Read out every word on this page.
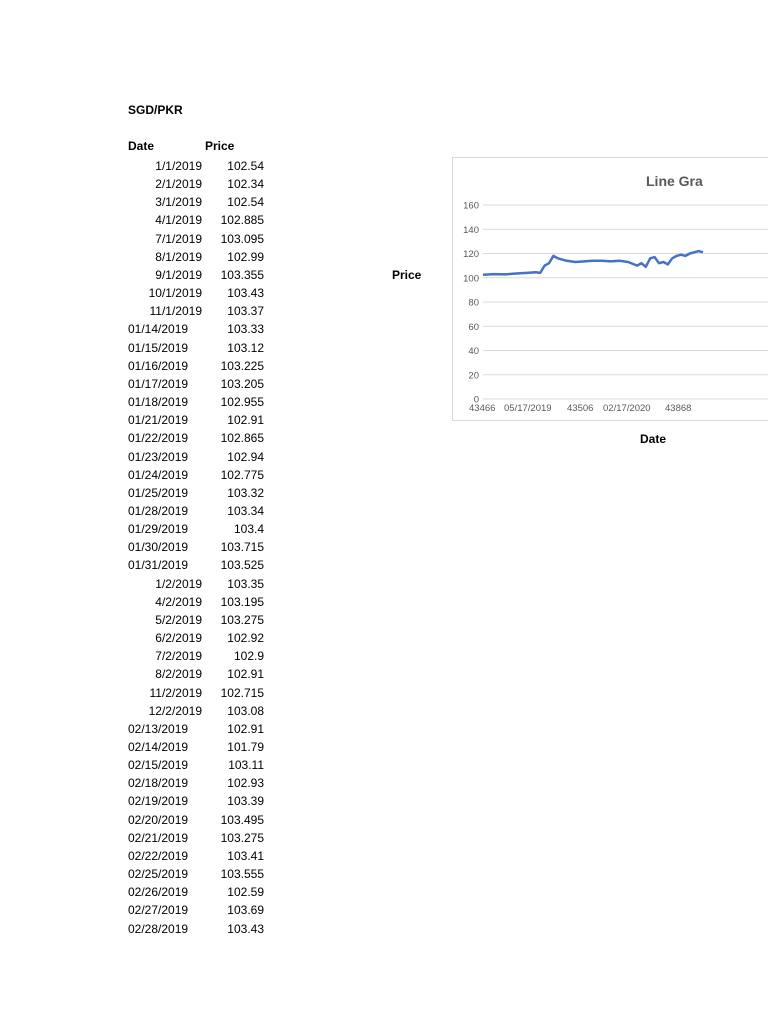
SGD/PKR
Date	Price
1/1/2019	102.54
2/1/2019	102.34
3/1/2019	102.54
4/1/2019	102.885
7/1/2019	103.095
8/1/2019	102.99
9/1/2019	103.355
10/1/2019	103.43
11/1/2019	103.37
01/14/2019	103.33
01/15/2019	103.12
01/16/2019	103.225
01/17/2019	103.205
01/18/2019	102.955
01/21/2019	102.91
01/22/2019	102.865
01/23/2019	102.94
01/24/2019	102.775
01/25/2019	103.32
01/28/2019	103.34
01/29/2019	103.4
01/30/2019	103.715
01/31/2019	103.525
1/2/2019	103.35
4/2/2019	103.195
5/2/2019	103.275
6/2/2019	102.92
7/2/2019	102.9
8/2/2019	102.91
11/2/2019	102.715
12/2/2019	103.08
02/13/2019	102.91
02/14/2019	101.79
02/15/2019	103.11
02/18/2019	102.93
02/19/2019	103.39
02/20/2019	103.495
02/21/2019	103.275
02/22/2019	103.41
02/25/2019	103.555
02/26/2019	102.59
02/27/2019	103.69
02/28/2019	103.43
Price
Date
Line Gra
0
20
40
60
80
100
120
140
160
43466 05/17/2019 43506 02/17/2020 43868
